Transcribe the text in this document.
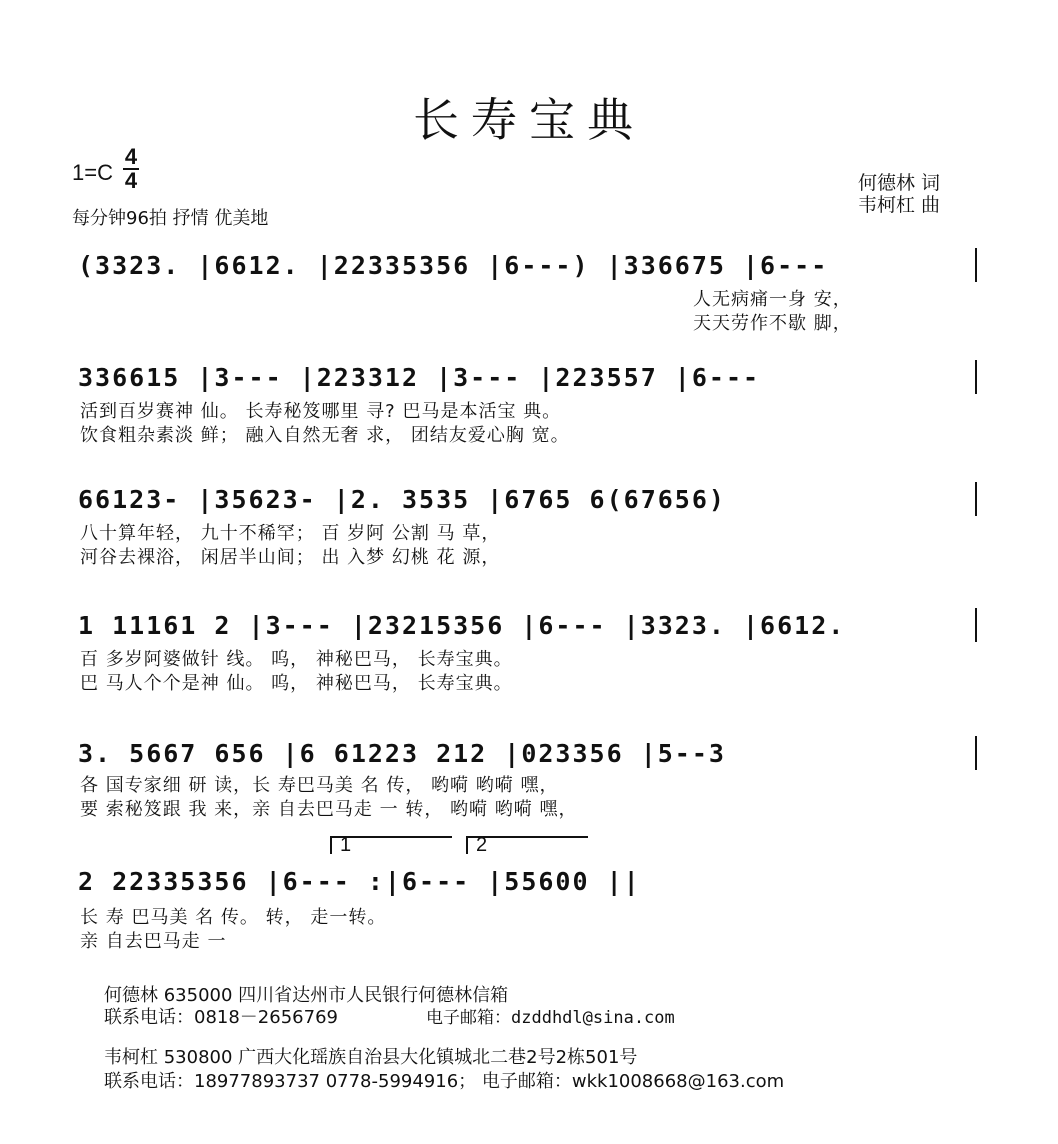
长寿宝典
1=C
4
4
每分钟96拍 抒情 优美地
何德林 词
韦柯杠 曲
(3323. |6612. |22335356 |6---) |336675 |6---
人无病痛一身 安，
天天劳作不歇 脚，
336615 |3--- |223312 |3--- |223557 |6---
活到百岁赛神 仙。 长寿秘笈哪里 寻? 巴马是本活宝 典。
饮食粗杂素淡 鲜； 融入自然无奢 求， 团结友爱心胸 宽。
66123- |35623- |2. 3535 |6765 6(67656)
八十算年轻， 九十不稀罕； 百 岁阿 公割 马 草，
河谷去裸浴， 闲居半山间； 出 入梦 幻桃 花 源，
1 11161 2 |3--- |23215356 |6--- |3323. |6612.
百 多岁阿婆做针 线。 呜， 神秘巴马， 长寿宝典。
巴 马人个个是神 仙。 呜， 神秘巴马， 长寿宝典。
3. 5667 656 |6 61223 212 |023356 |5--3
各 国专家细 研 读，长 寿巴马美 名 传， 哟嗬 哟嗬 嘿，
要 索秘笈跟 我 来，亲 自去巴马走 一 转， 哟嗬 哟嗬 嘿，
1	2
2 22335356 |6--- :|6--- |55600 ||
长 寿 巴马美 名 传。 转， 走一转。
亲 自去巴马走 一
何德林 635000 四川省达州市人民银行何德林信箱
联系电话：0818－2656769	电子邮箱：dzddhdl@sina.com
韦柯杠 530800 广西大化瑶族自治县大化镇城北二巷2号2栋501号
联系电话：18977893737 0778-5994916； 电子邮箱：wkk1008668@163.com
